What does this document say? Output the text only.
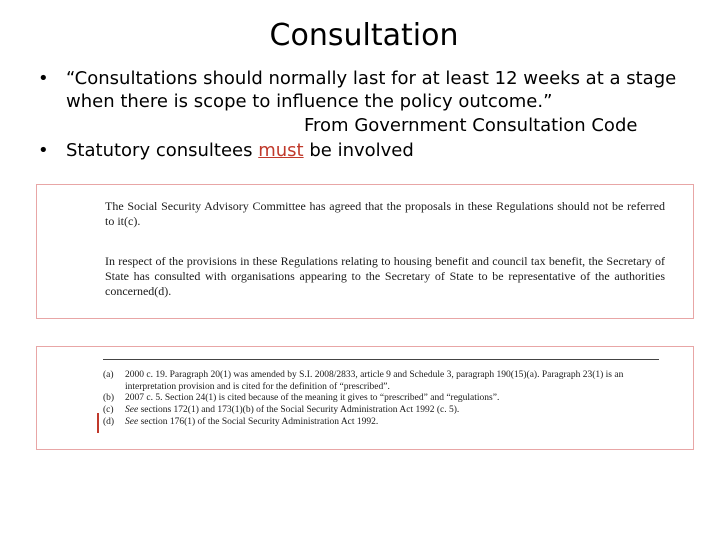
Consultation
• “Consultations should normally last for at least 12 weeks at a stage
when there is scope to influence the policy outcome.”
From Government Consultation Code
• Statutory consultees must be involved
The Social Security Advisory Committee has agreed that the proposals in these Regulations should not be referred to it(c).
In respect of the provisions in these Regulations relating to housing benefit and council tax benefit, the Secretary of State has consulted with organisations appearing to the Secretary of State to be representative of the authorities concerned(d).
(a) 2000 c. 19. Paragraph 20(1) was amended by S.I. 2008/2833, article 9 and Schedule 3, paragraph 190(15)(a). Paragraph 23(1) is an interpretation provision and is cited for the definition of “prescribed”.
(b) 2007 c. 5. Section 24(1) is cited because of the meaning it gives to “prescribed” and “regulations”.
(c) See sections 172(1) and 173(1)(b) of the Social Security Administration Act 1992 (c. 5).
(d) See section 176(1) of the Social Security Administration Act 1992.
